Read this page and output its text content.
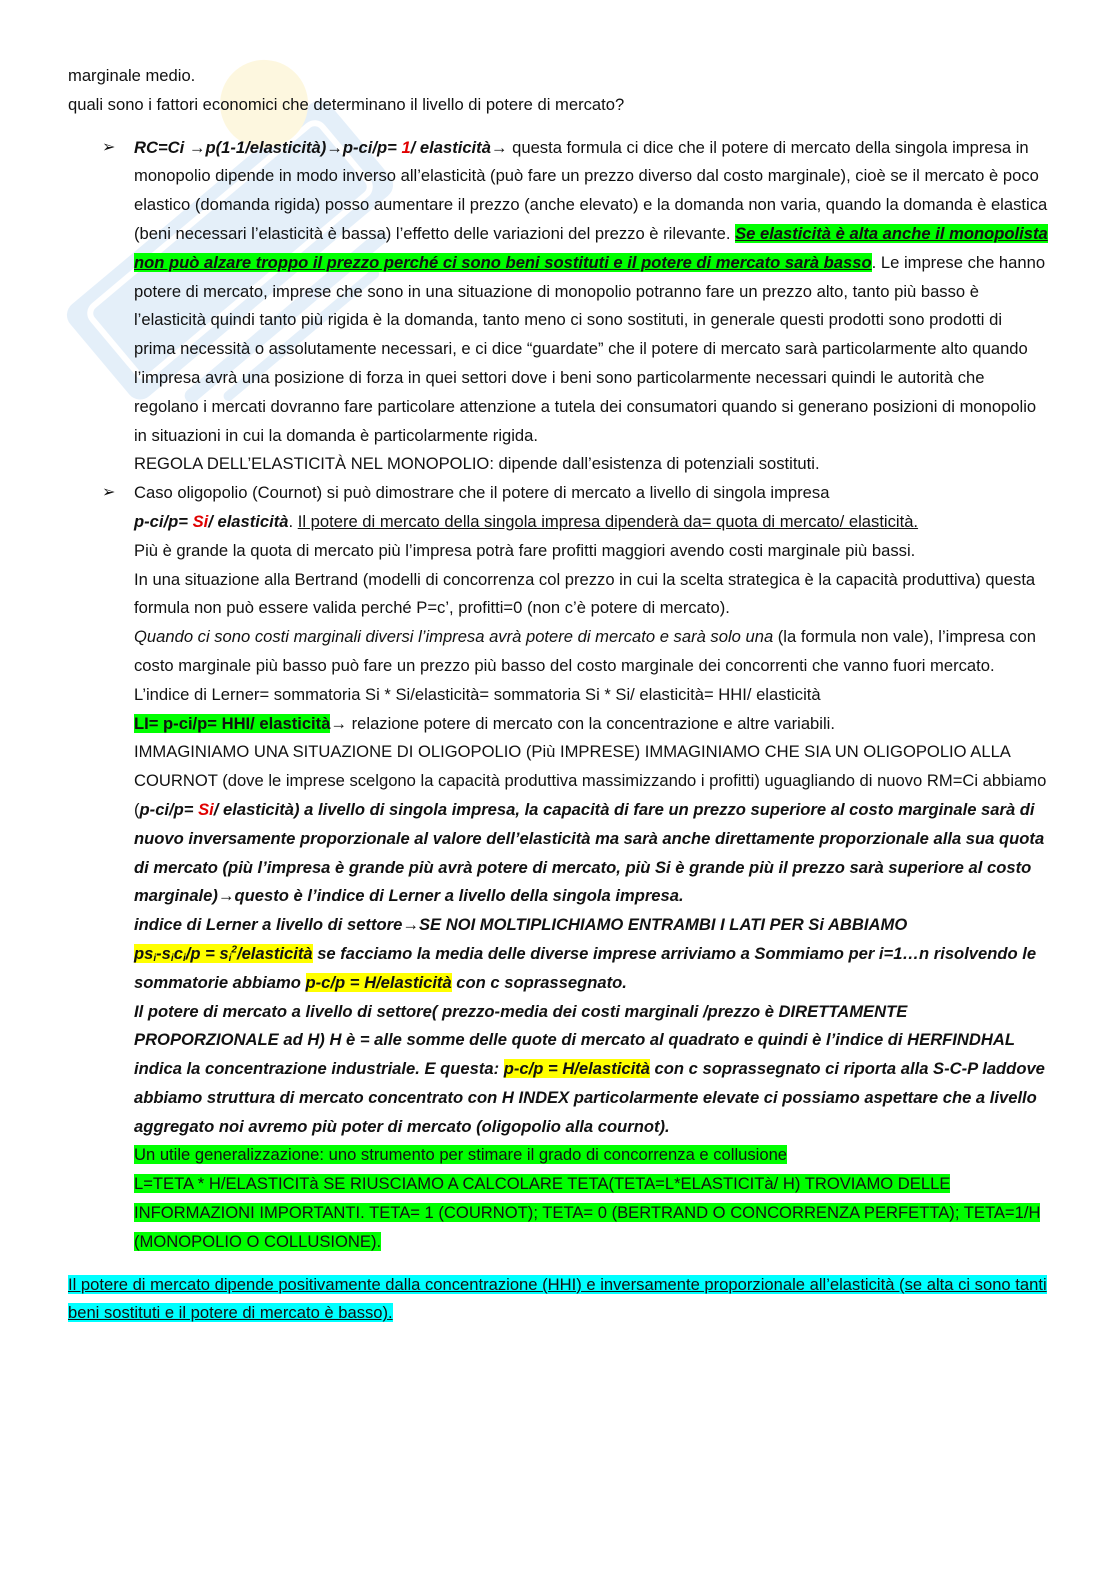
marginale medio.

quali sono i fattori economici che determinano il livello di potere di mercato?

➢ RC=Ci →p(1-1/elasticità)→p-ci/p= 1/ elasticità→ questa formula ci dice che il potere di mercato della singola impresa in monopolio dipende in modo inverso all’elasticità (può fare un prezzo diverso dal costo marginale), cioè se il mercato è poco elastico (domanda rigida) posso aumentare il prezzo (anche elevato) e la domanda non varia, quando la domanda è elastica (beni necessari l’elasticità è bassa) l’effetto delle variazioni del prezzo è rilevante. Se elasticità è alta anche il monopolista non può alzare troppo il prezzo perché ci sono beni sostituti e il potere di mercato sarà basso. Le imprese che hanno potere di mercato, imprese che sono in una situazione di monopolio potranno fare un prezzo alto, tanto più basso è l’elasticità quindi tanto più rigida è la domanda, tanto meno ci sono sostituti, in generale questi prodotti sono prodotti di prima necessità o assolutamente necessari, e ci dice “guardate” che il potere di mercato sarà particolarmente alto quando l’impresa avrà una posizione di forza in quei settori dove i beni sono particolarmente necessari quindi le autorità che regolano i mercati dovranno fare particolare attenzione a tutela dei consumatori quando si generano posizioni di monopolio in situazioni in cui la domanda è particolarmente rigida.

REGOLA DELL’ELASTICITÀ NEL MONOPOLIO: dipende dall’esistenza di potenziali sostituti.

➢ Caso oligopolio (Cournot) si può dimostrare che il potere di mercato a livello di singola impresa

p-ci/p= Si/ elasticità. Il potere di mercato della singola impresa dipenderà da= quota di mercato/ elasticità.

Più è grande la quota di mercato più l’impresa potrà fare profitti maggiori avendo costi marginale più bassi.

In una situazione alla Bertrand (modelli di concorrenza col prezzo in cui la scelta strategica è la capacità produttiva) questa formula non può essere valida perché P=c’, profitti=0 (non c’è potere di mercato).

Quando ci sono costi marginali diversi l’impresa avrà potere di mercato e sarà solo una (la formula non vale), l’impresa con costo marginale più basso può fare un prezzo più basso del costo marginale dei concorrenti che vanno fuori mercato.

L’indice di Lerner= sommatoria Si * Si/elasticità= sommatoria Si * Si/ elasticità= HHI/ elasticità

LI= p-ci/p= HHI/ elasticità→ relazione potere di mercato con la concentrazione e altre variabili.

IMMAGINIAMO UNA SITUAZIONE DI OLIGOPOLIO (Più IMPRESE) IMMAGINIAMO CHE SIA UN OLIGOPOLIO ALLA COURNOT (dove le imprese scelgono la capacità produttiva massimizzando i profitti) uguagliando di nuovo RM=Ci abbiamo (p-ci/p= Si/ elasticità) a livello di singola impresa, la capacità di fare un prezzo superiore al costo marginale sarà di nuovo inversamente proporzionale al valore dell’elasticità ma sarà anche direttamente proporzionale alla sua quota di mercato (più l’impresa è grande più avrà potere di mercato, più Si è grande più il prezzo sarà superiore al costo marginale)→questo è l’indice di Lerner a livello della singola impresa.

indice di Lerner a livello di settore→SE NOI MOLTIPLICHIAMO ENTRAMBI I LATI PER Si ABBIAMO
$ps_i-s_ic_i/p$ = $s_i^2$/elasticità se facciamo la media delle diverse imprese arriviamo a Sommiamo per i=1…n risolvendo le sommatorie abbiamo p-c/p = H/elasticità con c soprassegnato.

Il potere di mercato a livello di settore( prezzo-media dei costi marginali /prezzo è DIRETTAMENTE PROPORZIONALE ad H) H è = alle somme delle quote di mercato al quadrato e quindi è l’indice di HERFINDHAL indica la concentrazione industriale. E questa: p-c/p = H/elasticità con c soprassegnato ci riporta alla S-C-P laddove abbiamo struttura di mercato concentrato con H INDEX particolarmente elevate ci possiamo aspettare che a livello aggregato noi avremo più poter di mercato (oligopolio alla cournot).

Un utile generalizzazione: uno strumento per stimare il grado di concorrenza e collusione
L=TETA * H/ELASTICITà SE RIUSCIAMO A CALCOLARE TETA(TETA=L*ELASTICITà/ H) TROVIAMO DELLE INFORMAZIONI IMPORTANTI. TETA= 1 (COURNOT); TETA= 0 (BERTRAND O CONCORRENZA PERFETTA); TETA=1/H (MONOPOLIO O COLLUSIONE).

Il potere di mercato dipende positivamente dalla concentrazione (HHI) e inversamente proporzionale all’elasticità (se alta ci sono tanti beni sostituti e il potere di mercato è basso).
